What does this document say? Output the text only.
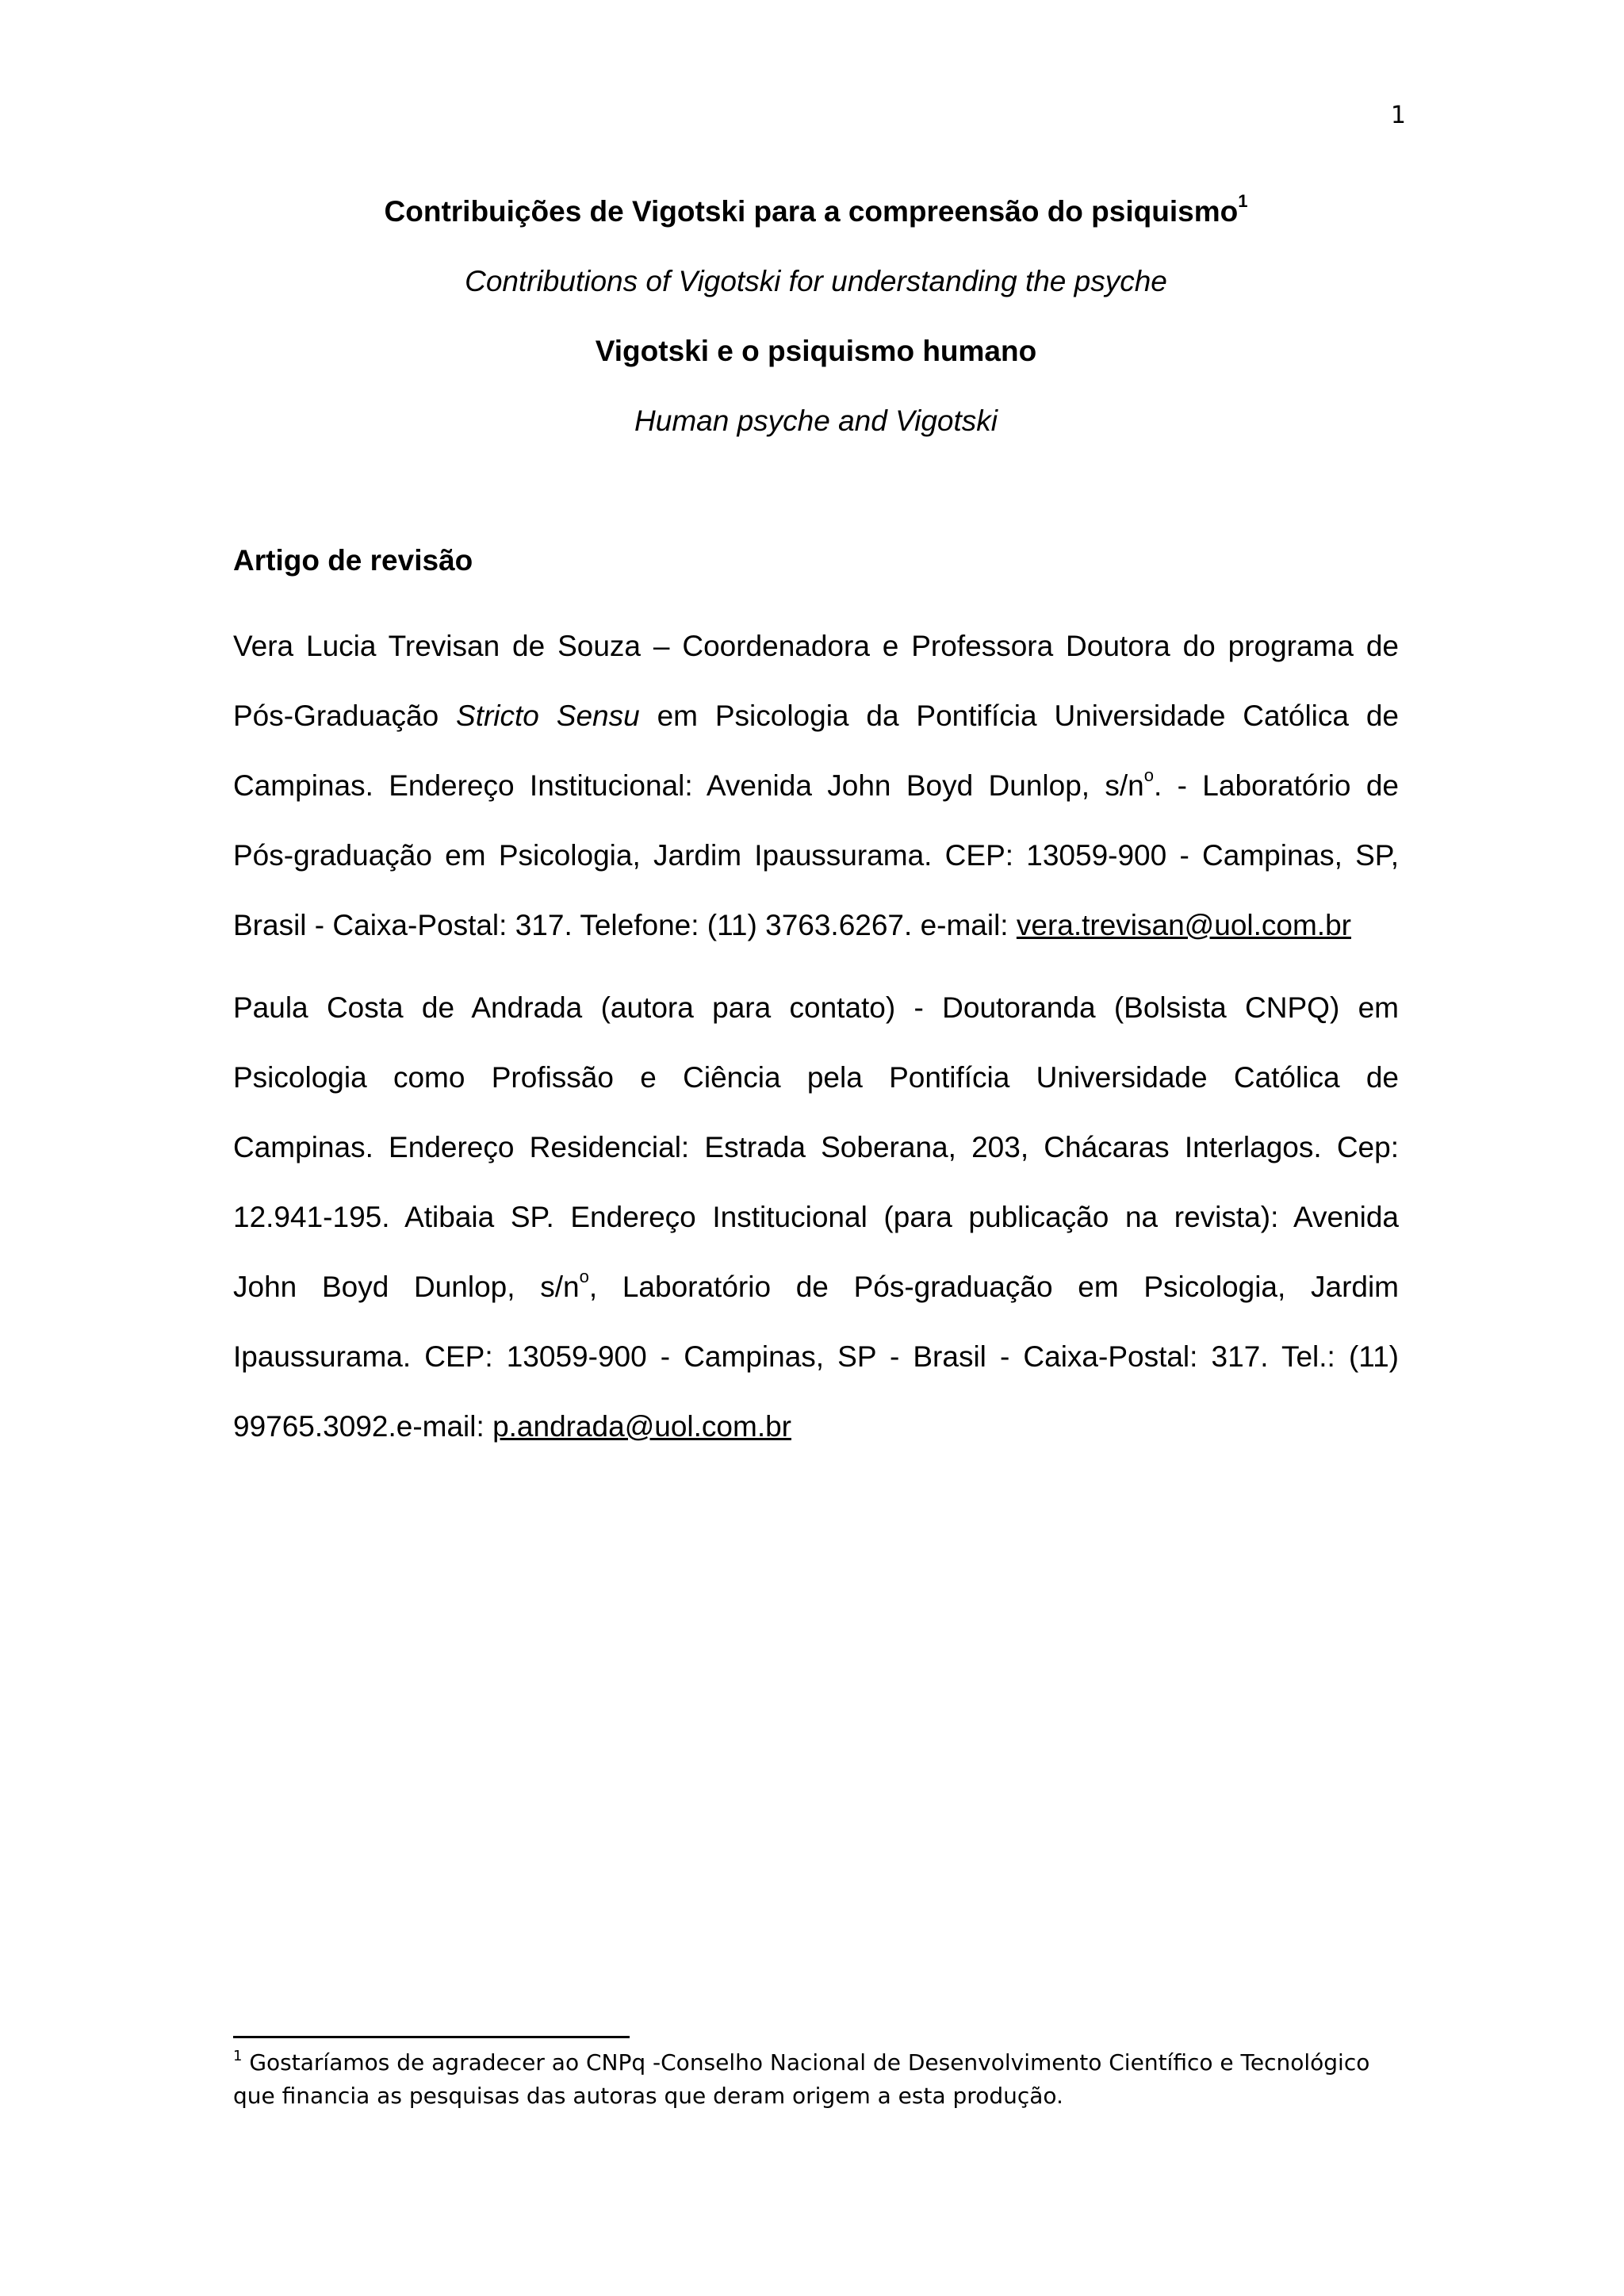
1
Contribuições de Vigotski para a compreensão do psiquismo$^1$
Contributions of Vigotski for understanding the psyche
Vigotski e o psiquismo humano
Human psyche and Vigotski
Artigo de revisão
Vera Lucia Trevisan de Souza – Coordenadora e Professora Doutora do programa de
Pós-Graduação Stricto Sensu em Psicologia da Pontifícia Universidade Católica de
Campinas. Endereço Institucional: Avenida John Boyd Dunlop, $s/n^o$. - Laboratório de
Pós-graduação em Psicologia, Jardim Ipaussurama. CEP: 13059-900 - Campinas, SP,
Brasil - Caixa-Postal: 317. Telefone: (11) 3763.6267. e-mail: vera.trevisan@uol.com.br
Paula Costa de Andrada (autora para contato) - Doutoranda (Bolsista CNPQ) em
Psicologia como Profissão e Ciência pela Pontifícia Universidade Católica de
Campinas. Endereço Residencial: Estrada Soberana, 203, Chácaras Interlagos. Cep:
12.941-195. Atibaia SP. Endereço Institucional (para publicação na revista): Avenida
John Boyd Dunlop, $s/n^o$, Laboratório de Pós-graduação em Psicologia, Jardim
Ipaussurama. CEP: 13059-900 - Campinas, SP - Brasil - Caixa-Postal: 317. Tel.: (11)
99765.3092.e-mail: p.andrada@uol.com.br
$^1$ Gostaríamos de agradecer ao CNPq -Conselho Nacional de Desenvolvimento Científico e Tecnológico
que financia as pesquisas das autoras que deram origem a esta produção.
